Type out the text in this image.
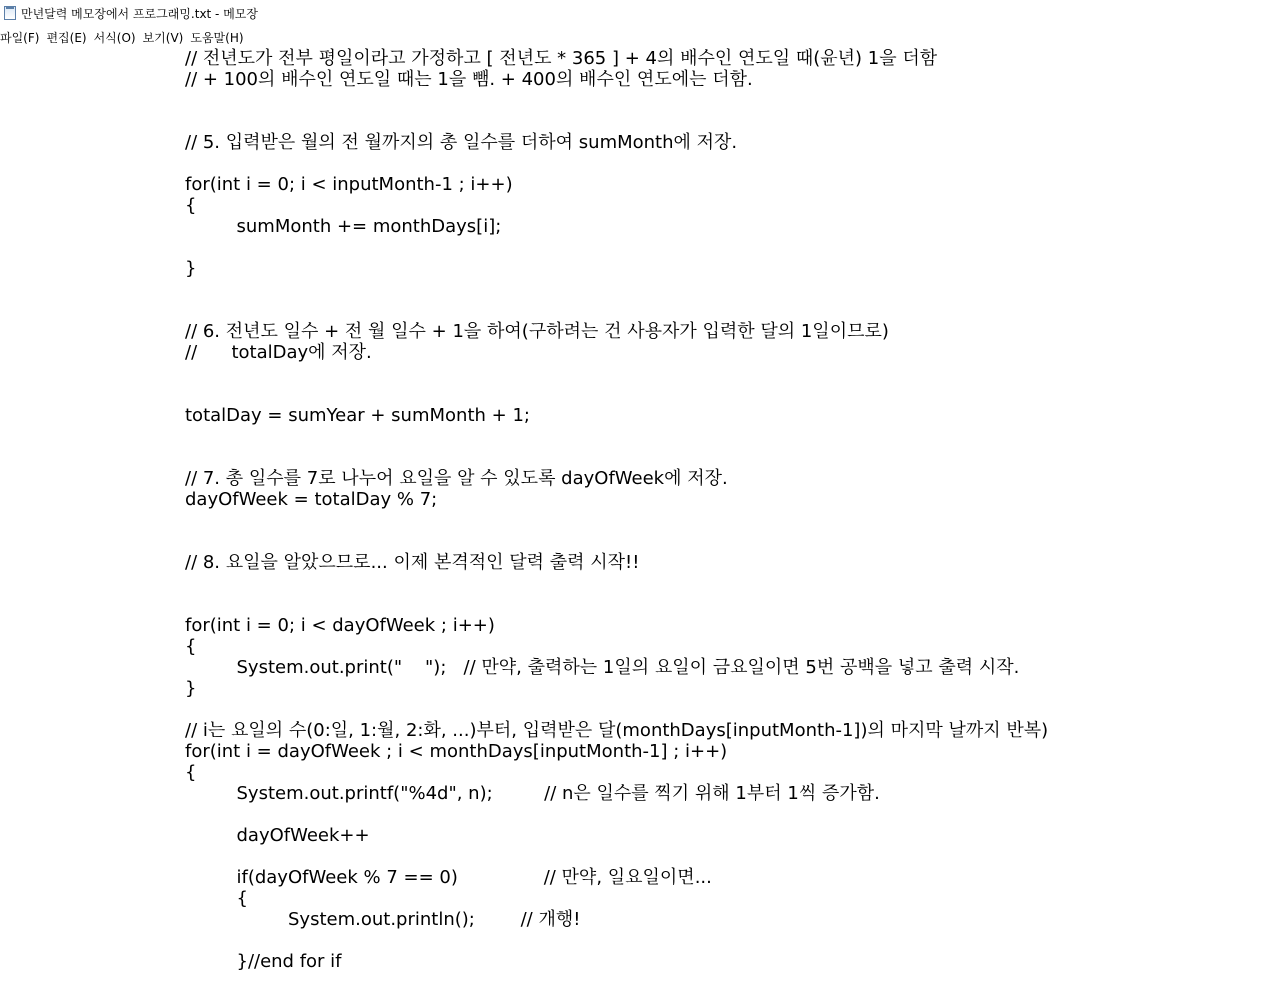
만년달력 메모장에서 프로그래밍.txt - 메모장
파일(F) 편집(E) 서식(O) 보기(V) 도움말(H)
// 전년도가 전부 평일이라고 가정하고 [ 전년도 * 365 ] + 4의 배수인 연도일 때(윤년) 1을 더함
// + 100의 배수인 연도일 때는 1을 뺌. + 400의 배수인 연도에는 더함.
// 5. 입력받은 월의 전 월까지의 총 일수를 더하여 sumMonth에 저장.
for(int i = 0; i < inputMonth-1 ; i++)
{
sumMonth += monthDays[i];
}
// 6. 전년도 일수 + 전 월 일수 + 1을 하여(구하려는 건 사용자가 입력한 달의 1일이므로)
//      totalDay에 저장.
totalDay = sumYear + sumMonth + 1;
// 7. 총 일수를 7로 나누어 요일을 알 수 있도록 dayOfWeek에 저장.
dayOfWeek = totalDay % 7;
// 8. 요일을 알았으므로... 이제 본격적인 달력 출력 시작!!
for(int i = 0; i < dayOfWeek ; i++)
{
System.out.print("    ");   // 만약, 출력하는 1일의 요일이 금요일이면 5번 공백을 넣고 출력 시작.
}
// i는 요일의 수(0:일, 1:월, 2:화, ...)부터, 입력받은 달(monthDays[inputMonth-1])의 마지막 날까지 반복)
for(int i = dayOfWeek ; i < monthDays[inputMonth-1] ; i++)
{
System.out.printf("%4d", n);         // n은 일수를 찍기 위해 1부터 1씩 증가함.
dayOfWeek++
if(dayOfWeek % 7 == 0)               // 만약, 일요일이면...
{
System.out.println();        // 개행!
}//end for if
